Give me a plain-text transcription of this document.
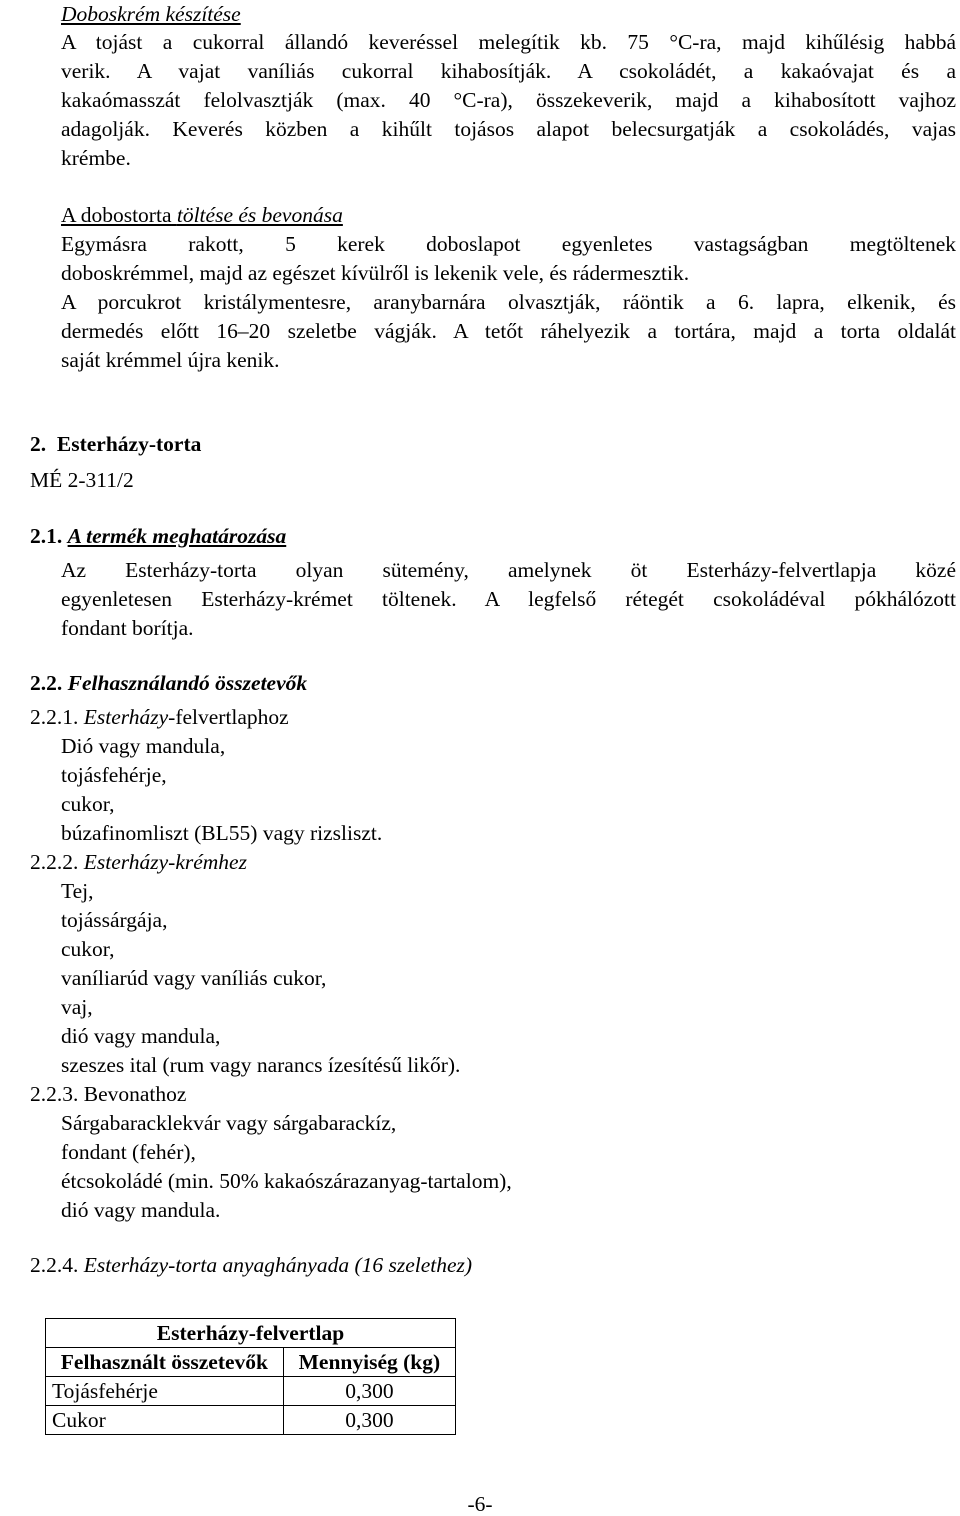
Doboskrém készítése
A tojást a cukorral állandó keveréssel melegítik kb. 75 °C-ra, majd kihűlésig habbá
verik. A vajat vaníliás cukorral kihabosítják. A csokoládét, a kakaóvajat és a
kakaómasszát felolvasztják (max. 40 °C-ra), összekeverik, majd a kihabosított vajhoz
adagolják. Keverés közben a kihűlt tojásos alapot belecsurgatják a csokoládés, vajas
krémbe.
A dobostorta töltése és bevonása
Egymásra rakott, 5 kerek doboslapot egyenletes vastagságban megtöltenek
doboskrémmel, majd az egészet kívülről is lekenik vele, és rádermesztik.
A porcukrot kristálymentesre, aranybarnára olvasztják, ráöntik a 6. lapra, elkenik, és
dermedés előtt 16–20 szeletbe vágják. A tetőt ráhelyezik a tortára, majd a torta oldalát
saját krémmel újra kenik.
2.  Esterházy-torta
MÉ 2-311/2
2.1. A termék meghatározása
Az Esterházy-torta olyan sütemény, amelynek öt Esterházy-felvertlapja közé
egyenletesen Esterházy-krémet töltenek. A legfelső rétegét csokoládéval pókhálózott
fondant borítja.
2.2. Felhasználandó összetevők
2.2.1. Esterházy-felvertlaphoz
Dió vagy mandula,
tojásfehérje,
cukor,
búzafinomliszt (BL55) vagy rizsliszt.
2.2.2. Esterházy-krémhez
Tej,
tojássárgája,
cukor,
vaníliarúd vagy vaníliás cukor,
vaj,
dió vagy mandula,
szeszes ital (rum vagy narancs ízesítésű likőr).
2.2.3. Bevonathoz
Sárgabaracklekvár vagy sárgabarackíz,
fondant (fehér),
étcsokoládé (min. 50% kakaószárazanyag-tartalom),
dió vagy mandula.
2.2.4. Esterházy-torta anyaghányada (16 szelethez)
Esterházy-felvertlap	
Felhasznált összetevők	Mennyiség (kg)
Tojásfehérje	0,300
Cukor	0,300
-6-
